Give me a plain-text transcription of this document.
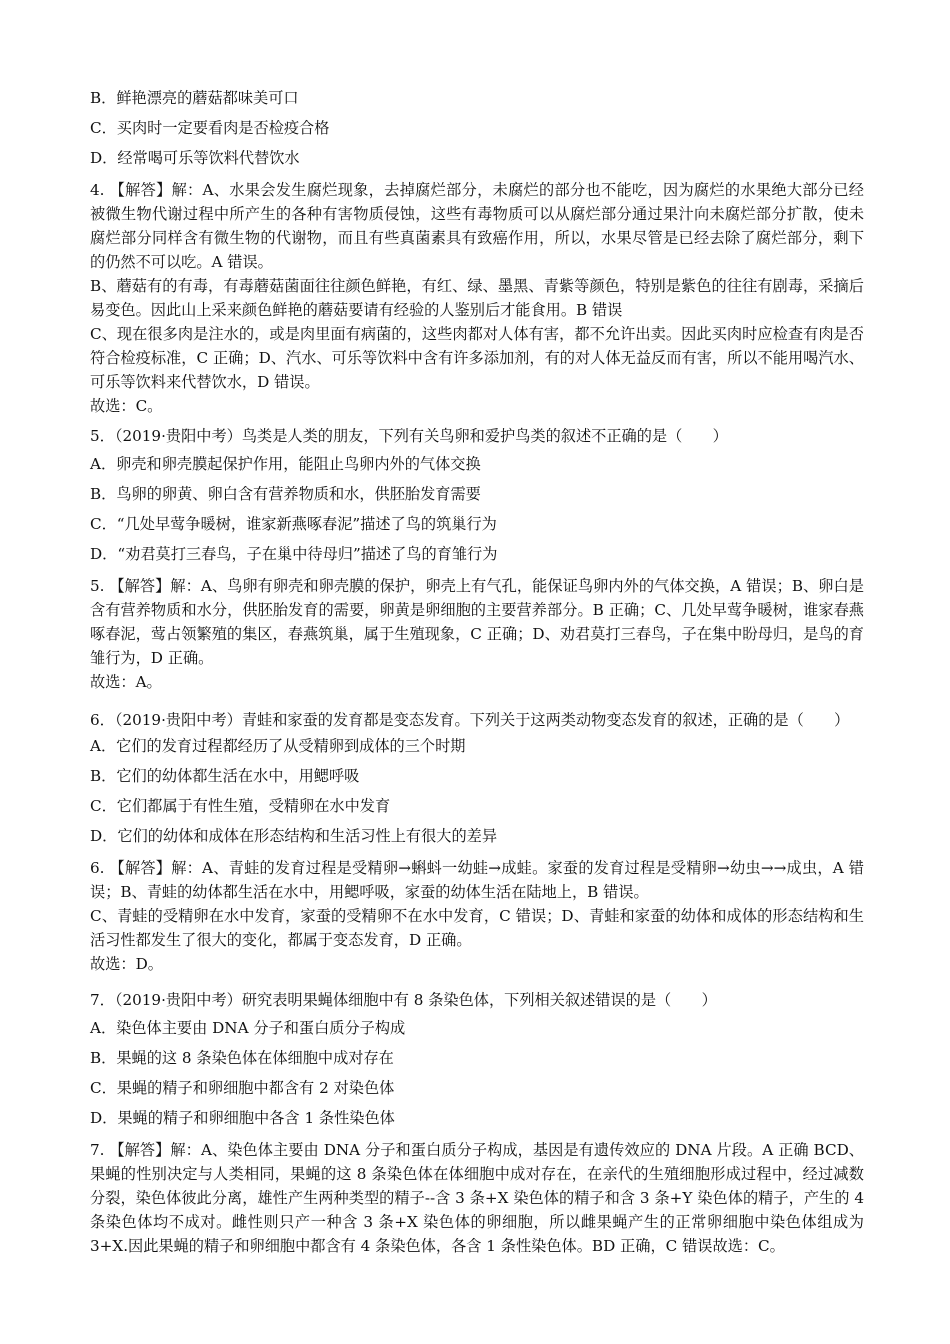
B．鲜艳漂亮的蘑菇都味美可口
C．买肉时一定要看肉是否检疫合格
D．经常喝可乐等饮料代替饮水
4. 【解答】解：A、水果会发生腐烂现象，去掉腐烂部分，未腐烂的部分也不能吃，因为腐烂的水果绝大部分已经被微生物代谢过程中所产生的各种有害物质侵蚀，这些有毒物质可以从腐烂部分通过果汁向未腐烂部分扩散，使未腐烂部分同样含有微生物的代谢物，而且有些真菌素具有致癌作用，所以，水果尽管是已经去除了腐烂部分，剩下的仍然不可以吃。A 错误。
B、蘑菇有的有毒，有毒蘑菇菌面往往颜色鲜艳，有红、绿、墨黑、青紫等颜色，特别是紫色的往往有剧毒，采摘后易变色。因此山上采来颜色鲜艳的蘑菇要请有经验的人鉴别后才能食用。B 错误
C、现在很多肉是注水的，或是肉里面有病菌的，这些肉都对人体有害，都不允许出卖。因此买肉时应检查有肉是否符合检疫标准，C 正确；D、汽水、可乐等饮料中含有许多添加剂，有的对人体无益反而有害，所以不能用喝汽水、可乐等饮料来代替饮水，D 错误。
故选：C。
5．（2019·贵阳中考）鸟类是人类的朋友，下列有关鸟卵和爱护鸟类的叙述不正确的是（　　）
A．卵壳和卵壳膜起保护作用，能阻止鸟卵内外的气体交换
B．鸟卵的卵黄、卵白含有营养物质和水，供胚胎发育需要
C．“几处早莺争暖树，谁家新燕啄春泥”描述了鸟的筑巢行为
D．“劝君莫打三春鸟，子在巢中待母归”描述了鸟的育雏行为
5. 【解答】解：A、鸟卵有卵壳和卵壳膜的保护，卵壳上有气孔，能保证鸟卵内外的气体交换，A 错误；B、卵白是含有营养物质和水分，供胚胎发育的需要，卵黄是卵细胞的主要营养部分。B 正确；C、几处早莺争暖树，谁家春燕啄春泥，莺占领繁殖的集区，春燕筑巢，属于生殖现象，C 正确；D、劝君莫打三春鸟，子在集中盼母归，是鸟的育雏行为，D 正确。
故选：A。
6．（2019·贵阳中考）青蛙和家蚕的发育都是变态发育。下列关于这两类动物变态发育的叙述，正确的是（　　）
A．它们的发育过程都经历了从受精卵到成体的三个时期
B．它们的幼体都生活在水中，用鳃呼吸
C．它们都属于有性生殖，受精卵在水中发育
D．它们的幼体和成体在形态结构和生活习性上有很大的差异
6. 【解答】解：A、青蛙的发育过程是受精卵→蝌蚪一幼蛙→成蛙。家蚕的发育过程是受精卵→幼虫→→成虫，A 错误；B、青蛙的幼体都生活在水中，用鳃呼吸，家蚕的幼体生活在陆地上，B 错误。
C、青蛙的受精卵在水中发育，家蚕的受精卵不在水中发育，C 错误；D、青蛙和家蚕的幼体和成体的形态结构和生活习性都发生了很大的变化，都属于变态发育，D 正确。
故选：D。
7．（2019·贵阳中考）研究表明果蝇体细胞中有 8 条染色体，下列相关叙述错误的是（　　）
A．染色体主要由 DNA 分子和蛋白质分子构成
B．果蝇的这 8 条染色体在体细胞中成对存在
C．果蝇的精子和卵细胞中都含有 2 对染色体
D．果蝇的精子和卵细胞中各含 1 条性染色体
7. 【解答】解：A、染色体主要由 DNA 分子和蛋白质分子构成，基因是有遗传效应的 DNA 片段。A 正确 BCD、果蝇的性别决定与人类相同，果蝇的这 8 条染色体在体细胞中成对存在，在亲代的生殖细胞形成过程中，经过减数分裂，染色体彼此分离，雄性产生两种类型的精子--含 3 条+X 染色体的精子和含 3 条+Y 染色体的精子，产生的 4 条染色体均不成对。雌性则只产一种含 3 条+X 染色体的卵细胞，所以雌果蝇产生的正常卵细胞中染色体组成为 3+X.因此果蝇的精子和卵细胞中都含有 4 条染色体，各含 1 条性染色体。BD 正确，C 错误故选：C。
